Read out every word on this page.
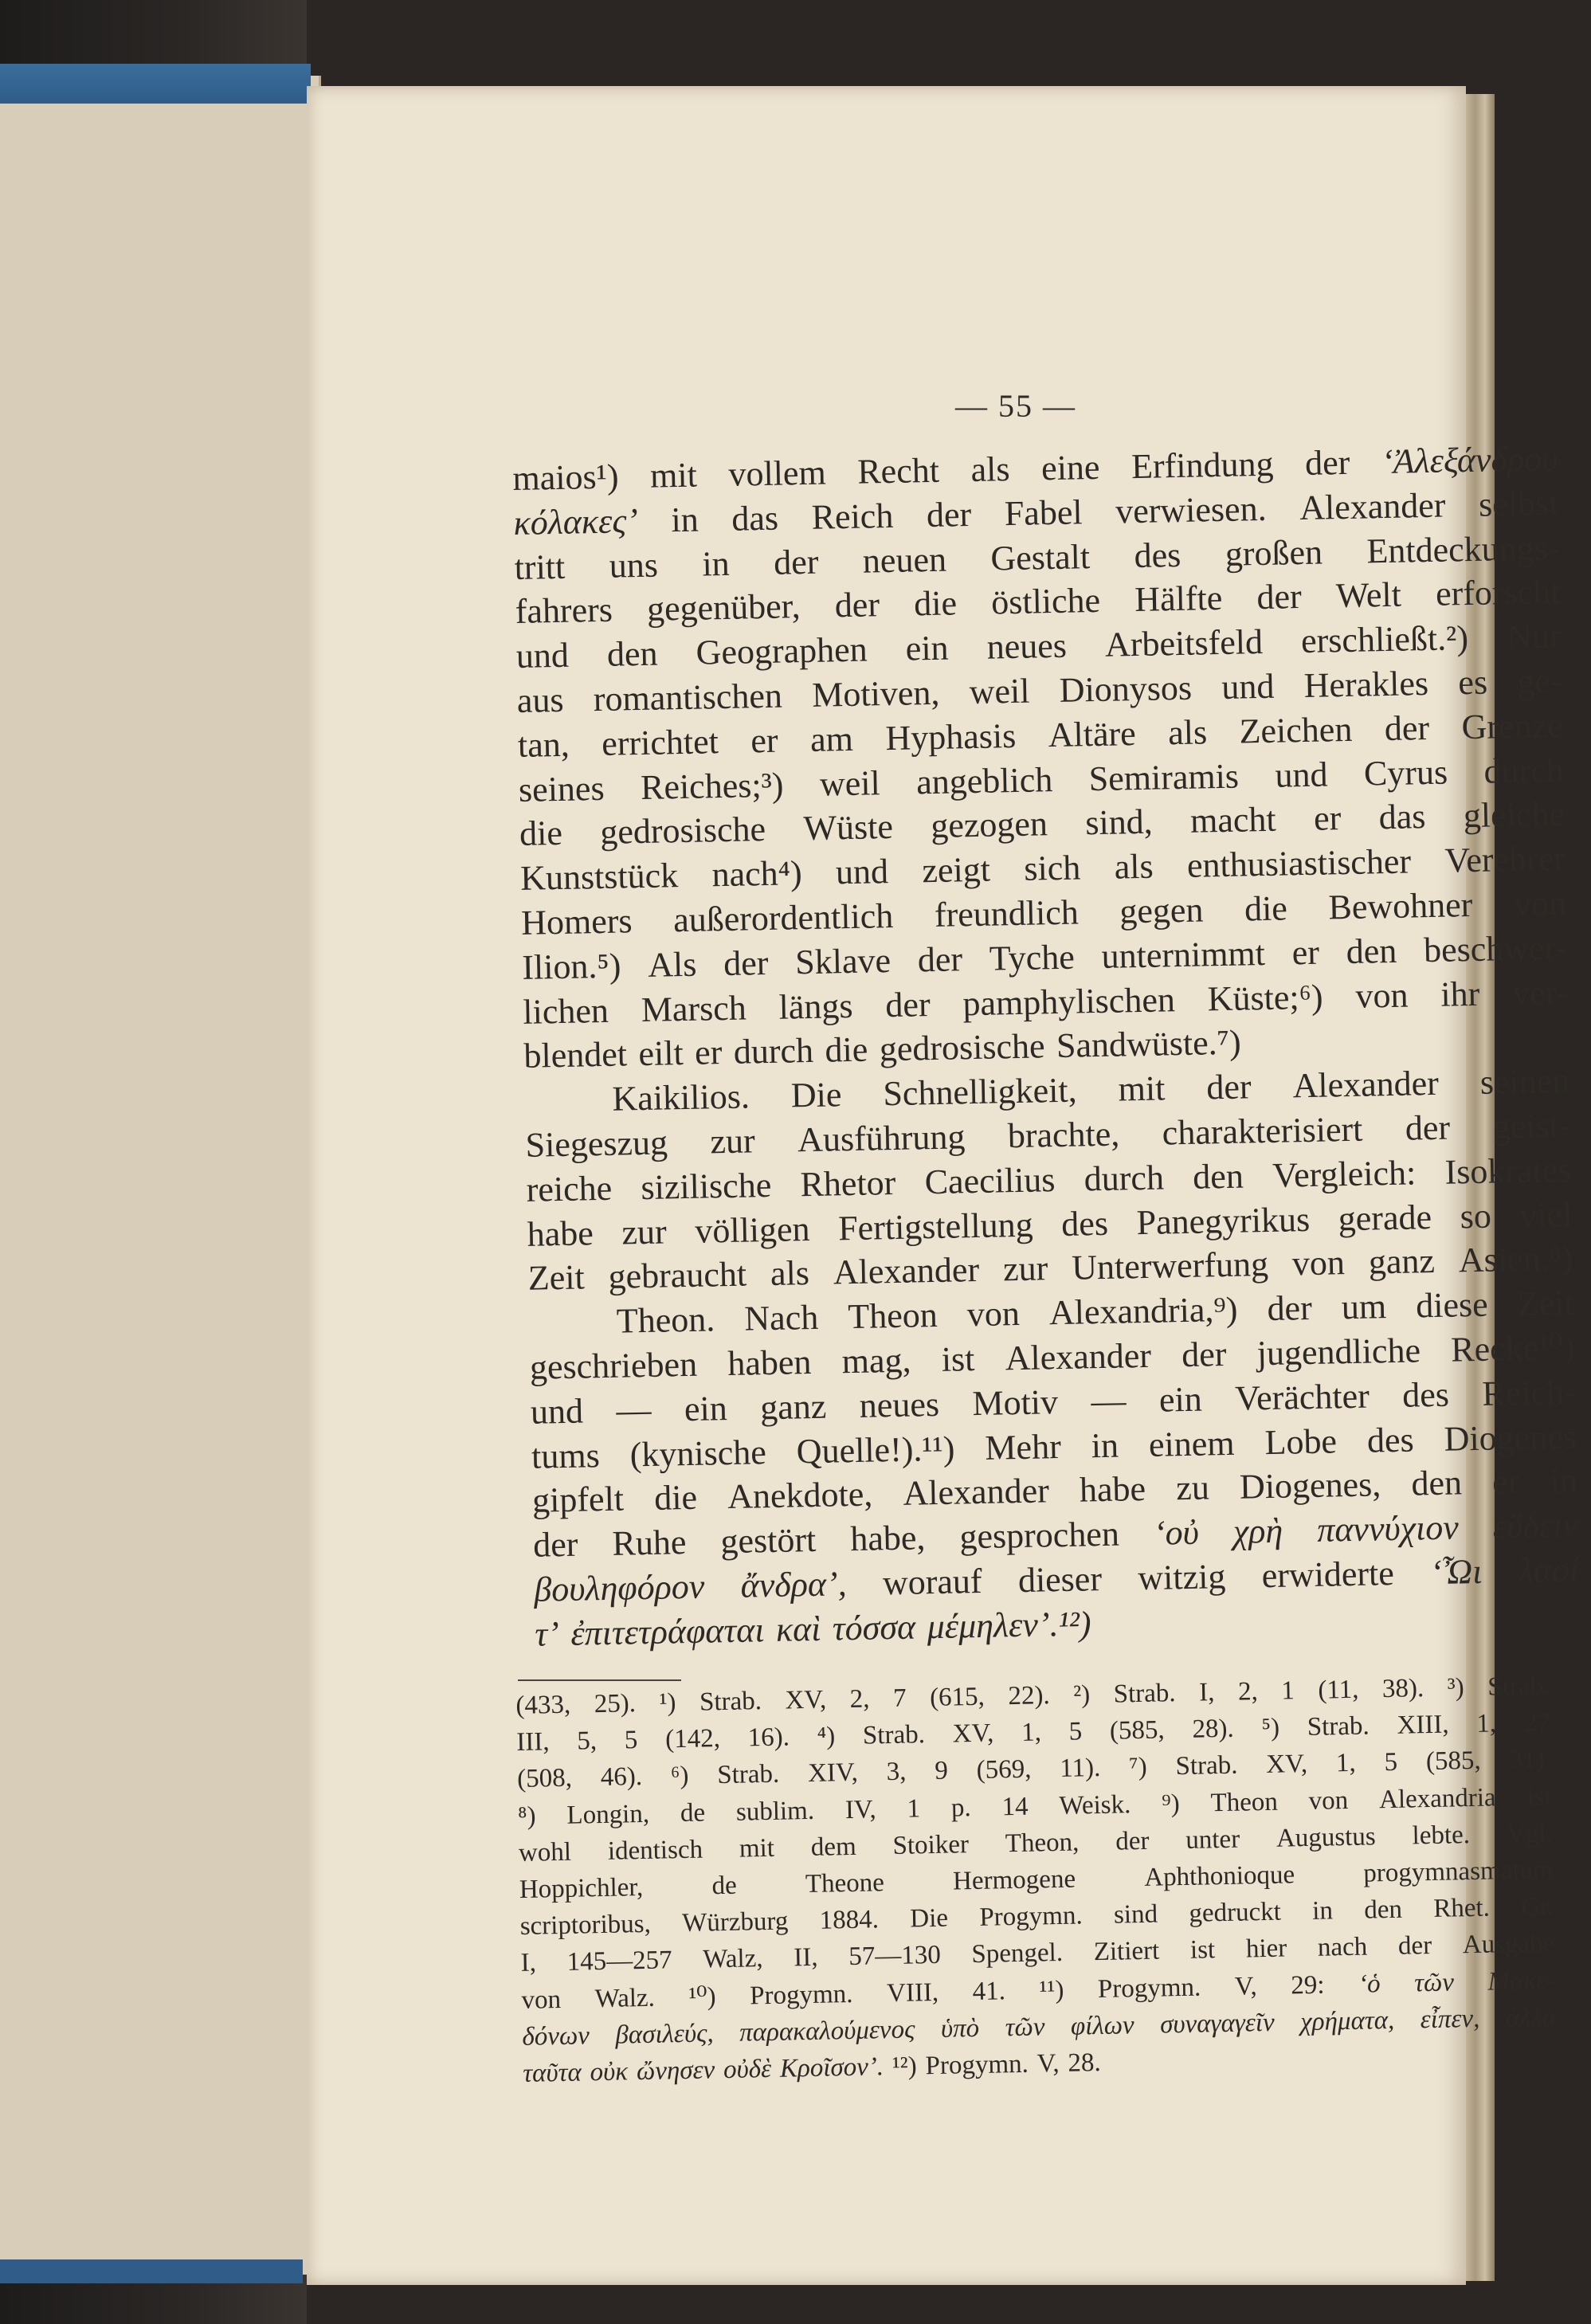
— 55 —
maios¹) mit vollem Recht als eine Erfindung der ‘Ἀλεξάνδρου
κόλακες’ in das Reich der Fabel verwiesen. Alexander selbst
tritt uns in der neuen Gestalt des großen Entdeckungs-
fahrers gegenüber, der die östliche Hälfte der Welt erforscht
und den Geographen ein neues Arbeitsfeld erschließt.²) Nur
aus romantischen Motiven, weil Dionysos und Herakles es ge-
tan, errichtet er am Hyphasis Altäre als Zeichen der Grenze
seines Reiches;³) weil angeblich Semiramis und Cyrus durch
die gedrosische Wüste gezogen sind, macht er das gleiche
Kunststück nach⁴) und zeigt sich als enthusiastischer Verehrer
Homers außerordentlich freundlich gegen die Bewohner von
Ilion.⁵) Als der Sklave der Tyche unternimmt er den beschwer-
lichen Marsch längs der pamphylischen Küste;⁶) von ihr ver-
blendet eilt er durch die gedrosische Sandwüste.⁷)
Kaikilios. Die Schnelligkeit, mit der Alexander seinen
Siegeszug zur Ausführung brachte, charakterisiert der geist-
reiche sizilische Rhetor Caecilius durch den Vergleich: Isokrates
habe zur völligen Fertigstellung des Panegyrikus gerade so viel
Zeit gebraucht als Alexander zur Unterwerfung von ganz Asien.⁸)
Theon. Nach Theon von Alexandria,⁹) der um diese Zeit
geschrieben haben mag, ist Alexander der jugendliche Recke¹⁰)
und — ein ganz neues Motiv — ein Verächter des Reich-
tums (kynische Quelle!).¹¹) Mehr in einem Lobe des Diogenes
gipfelt die Anekdote, Alexander habe zu Diogenes, den er in
der Ruhe gestört habe, gesprochen ‘οὐ χρὴ παννύχιον εὕδειν
βουληφόρον ἄνδρα’, worauf dieser witzig erwiderte ‘Ὦι λαοί
τ’ ἐπιτετράφαται καὶ τόσσα μέμηλεν’.¹²)
(433, 25). ¹) Strab. XV, 2, 7 (615, 22). ²) Strab. I, 2, 1 (11, 38). ³) Strab.
III, 5, 5 (142, 16). ⁴) Strab. XV, 1, 5 (585, 28). ⁵) Strab. XIII, 1, 27
(508, 46). ⁶) Strab. XIV, 3, 9 (569, 11). ⁷) Strab. XV, 1, 5 (585, 31).
⁸) Longin, de sublim. IV, 1 p. 14 Weisk. ⁹) Theon von Alexandria ist
wohl identisch mit dem Stoiker Theon, der unter Augustus lebte. Vgl.
Hoppichler,	de	Theone	Hermogene	Aphthonioque	progymnasmatum
scriptoribus, Würzburg 1884. Die Progymn. sind gedruckt in den Rhet. Gr.
I, 145—257 Walz, II, 57—130 Spengel. Zitiert ist hier nach der Ausgabe
von Walz. ¹⁰) Progymn. VIII, 41. ¹¹) Progymn. V, 29: ‘ὁ τῶν Μακε-
δόνων βασιλεύς, παρακαλούμενος ὑπὸ τῶν φίλων συναγαγεῖν χρήματα, εἶπεν, ἀλλὰ
ταῦτα οὐκ ὤνησεν οὐδὲ Κροῖσον’. ¹²) Progymn. V, 28.
